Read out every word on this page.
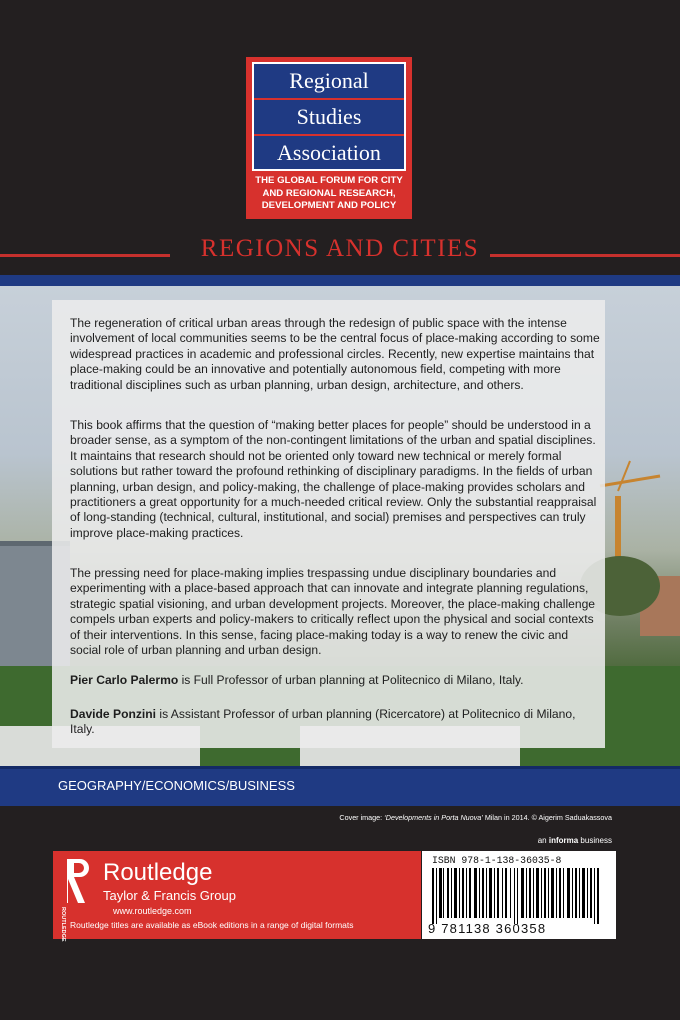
Regional
Studies
Association
THE GLOBAL FORUM FOR CITY AND REGIONAL RESEARCH, DEVELOPMENT AND POLICY
REGIONS AND CITIES

The regeneration of critical urban areas through the redesign of public space with the intense involvement of local communities seems to be the central focus of place-making according to some widespread practices in academic and professional circles. Recently, new expertise maintains that place-making could be an innovative and potentially autonomous field, competing with more traditional disciplines such as urban planning, urban design, architecture, and others.

This book affirms that the question of “making better places for people” should be understood in a broader sense, as a symptom of the non-contingent limitations of the urban and spatial disciplines. It maintains that research should not be oriented only toward new technical or merely formal solutions but rather toward the profound rethinking of disciplinary paradigms. In the fields of urban planning, urban design, and policy-making, the challenge of place-making provides scholars and practitioners a great opportunity for a much-needed critical review. Only the substantial reappraisal of long-standing (technical, cultural, institutional, and social) premises and perspectives can truly improve place-making practices.

The pressing need for place-making implies trespassing undue disciplinary boundaries and experimenting with a place-based approach that can innovate and integrate planning regulations, strategic spatial visioning, and urban development projects. Moreover, the place-making challenge compels urban experts and policy-makers to critically reflect upon the physical and social contexts of their interventions. In this sense, facing place-making today is a way to renew the civic and social role of urban planning and urban design.

Pier Carlo Palermo is Full Professor of urban planning at Politecnico di Milano, Italy.

Davide Ponzini is Assistant Professor of urban planning (Ricercatore) at Politecnico di Milano, Italy.

GEOGRAPHY/ECONOMICS/BUSINESS
Cover image: ‘Developments in Porta Nuova’ Milan in 2014. © Aigerim Saduakassova
an informa business
ROUTLEDGE
Routledge
Taylor & Francis Group
www.routledge.com
Routledge titles are available as eBook editions in a range of digital formats
ISBN 978-1-138-36035-8
9 781138 360358
